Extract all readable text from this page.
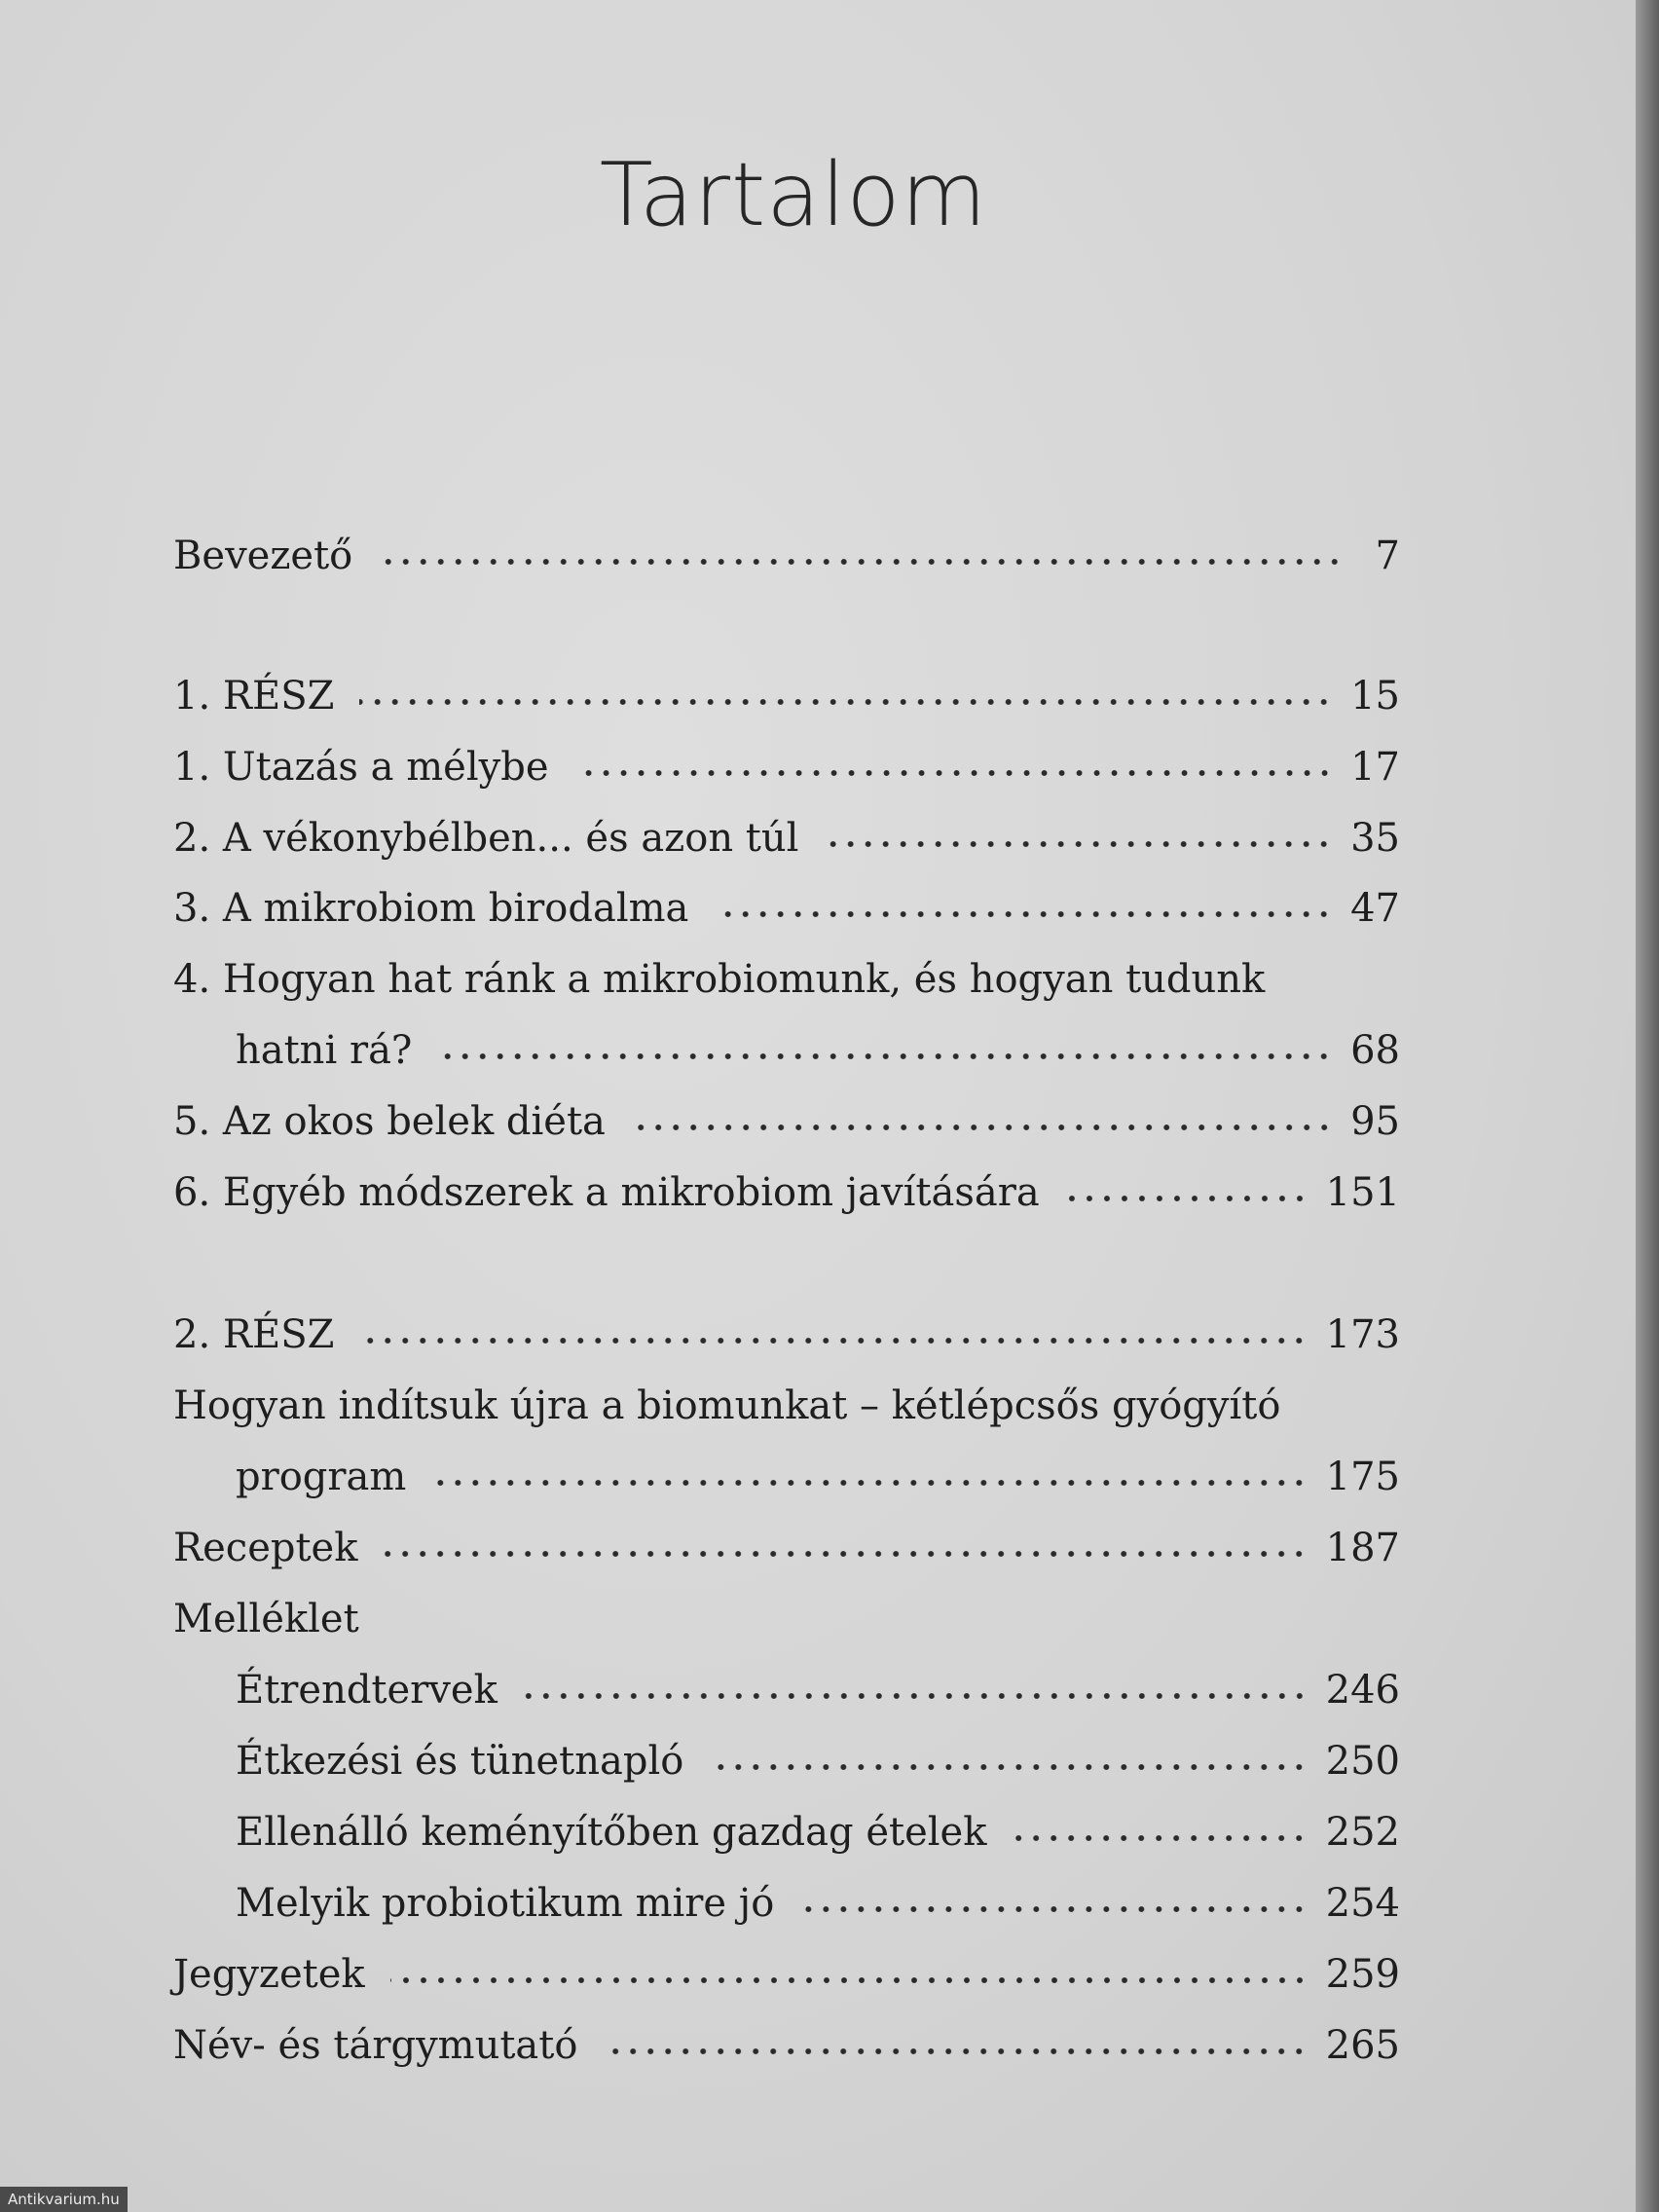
Tartalom
Bevezető	7
1. RÉSZ	15
1. Utazás a mélybe	17
2. A vékonybélben... és azon túl	35
3. A mikrobiom birodalma	47
4. Hogyan hat ránk a mikrobiomunk, és hogyan tudunk
hatni rá?	68
5. Az okos belek diéta	95
6. Egyéb módszerek a mikrobiom javítására	151
2. RÉSZ	173
Hogyan indítsuk újra a biomunkat – kétlépcsős gyógyító
program	175
Receptek	187
Melléklet
Étrendtervek	246
Étkezési és tünetnapló	250
Ellenálló keményítőben gazdag ételek	252
Melyik probiotikum mire jó	254
Jegyzetek	259
Név- és tárgymutató	265
Antikvarium.hu
